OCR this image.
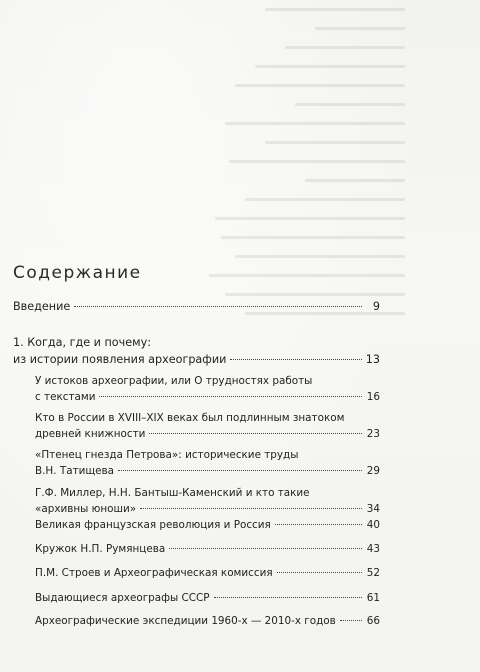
Содержание
Введение	9
1. Когда, где и почему:
из истории появления археографии	13
У истоков археографии, или О трудностях работы
с текстами	16
Кто в России в XVIII–XIX веках был подлинным знатоком
древней книжности	23
«Птенец гнезда Петрова»: исторические труды
В.Н. Татищева	29
Г.Ф. Миллер, Н.Н. Бантыш-Каменский и кто такие
«архивны юноши»	34
Великая французская революция и Россия	40
Кружок Н.П. Румянцева	43
П.М. Строев и Археографическая комиссия	52
Выдающиеся археографы СССР	61
Археографические экспедиции 1960-х — 2010-х годов	66
